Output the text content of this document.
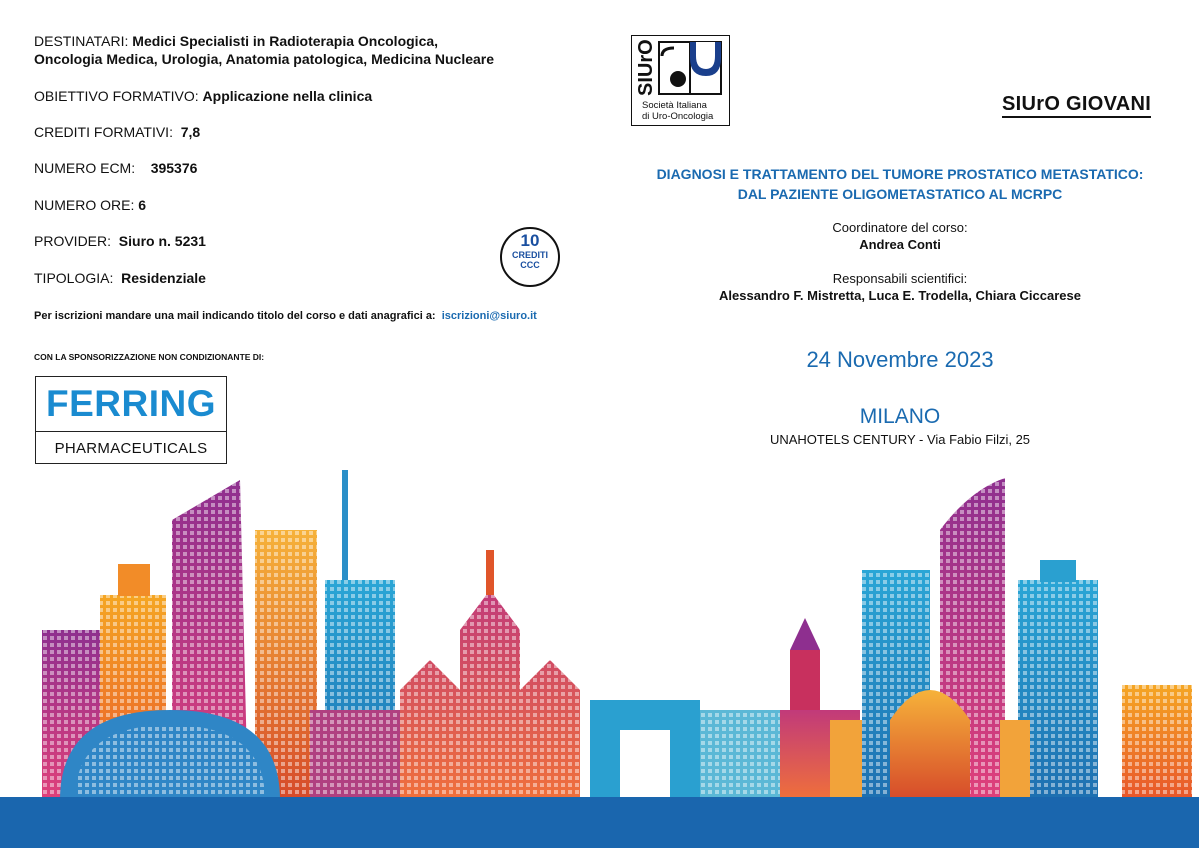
DESTINATARI: Medici Specialisti in Radioterapia Oncologica,
Oncologia Medica, Urologia, Anatomia patologica, Medicina Nucleare
OBIETTIVO FORMATIVO: Applicazione nella clinica
CREDITI FORMATIVI: 7,8
NUMERO ECM: 395376
NUMERO ORE: 6
PROVIDER: Siuro n. 5231
TIPOLOGIA: Residenziale
10
CREDITI
CCC
Per iscrizioni mandare una mail indicando titolo del corso e dati anagrafici a: iscrizioni@siuro.it
CON LA SPONSORIZZAZIONE NON CONDIZIONANTE DI:
FERRING
PHARMACEUTICALS
SIUrO
Società Italiana
di Uro-Oncologia
SIUrO GIOVANI
DIAGNOSI E TRATTAMENTO DEL TUMORE PROSTATICO METASTATICO:
DAL PAZIENTE OLIGOMETASTATICO AL MCRPC
Coordinatore del corso:
Andrea Conti
Responsabili scientifici:
Alessandro F. Mistretta, Luca E. Trodella, Chiara Ciccarese
24 Novembre 2023
MILANO
UNAHOTELS CENTURY - Via Fabio Filzi, 25
